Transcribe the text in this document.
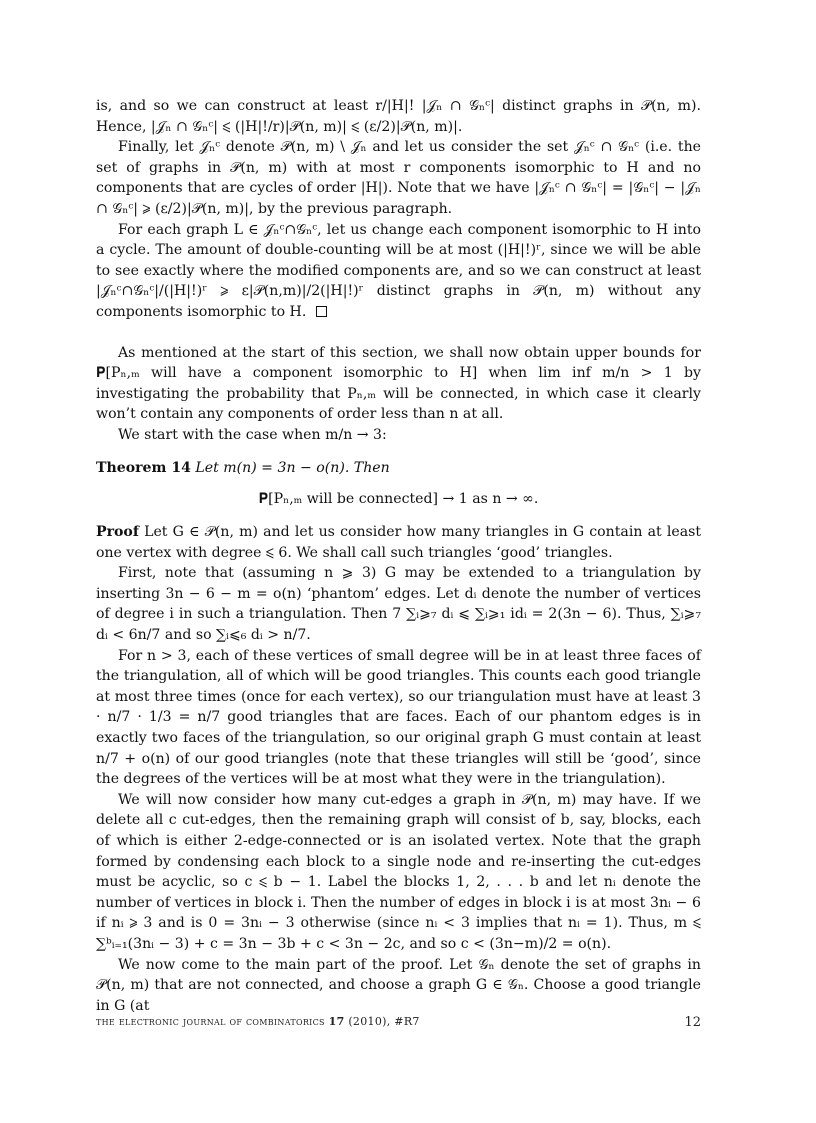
is, and so we can construct at least r/|H|! |𝒥ₙ ∩ 𝒢ₙᶜ| distinct graphs in 𝒫(n, m). Hence, |𝒥ₙ ∩ 𝒢ₙᶜ| ⩽ (|H|!/r)|𝒫(n, m)| ⩽ (ε/2)|𝒫(n, m)|.

Finally, let 𝒥ₙᶜ denote 𝒫(n, m) \ 𝒥ₙ and let us consider the set 𝒥ₙᶜ ∩ 𝒢ₙᶜ (i.e. the set of graphs in 𝒫(n, m) with at most r components isomorphic to H and no components that are cycles of order |H|). Note that we have |𝒥ₙᶜ ∩ 𝒢ₙᶜ| = |𝒢ₙᶜ| − |𝒥ₙ ∩ 𝒢ₙᶜ| ⩾ (ε/2)|𝒫(n, m)|, by the previous paragraph.

For each graph L ∈ 𝒥ₙᶜ∩𝒢ₙᶜ, let us change each component isomorphic to H into a cycle. The amount of double-counting will be at most (|H|!)ʳ, since we will be able to see exactly where the modified components are, and so we can construct at least |𝒥ₙᶜ∩𝒢ₙᶜ|/(|H|!)ʳ ⩾ ε|𝒫(n,m)|/2(|H|!)ʳ distinct graphs in 𝒫(n, m) without any components isomorphic to H.

As mentioned at the start of this section, we shall now obtain upper bounds for 𝐏[Pₙ,ₘ will have a component isomorphic to H] when lim inf m/n > 1 by investigating the probability that Pₙ,ₘ will be connected, in which case it clearly won’t contain any components of order less than n at all.

We start with the case when m/n → 3:

Theorem 14 Let m(n) = 3n − o(n). Then

𝐏[Pₙ,ₘ will be connected] → 1 as n → ∞.

Proof Let G ∈ 𝒫(n, m) and let us consider how many triangles in G contain at least one vertex with degree ⩽ 6. We shall call such triangles ‘good’ triangles.

First, note that (assuming n ⩾ 3) G may be extended to a triangulation by inserting 3n − 6 − m = o(n) ‘phantom’ edges. Let dᵢ denote the number of vertices of degree i in such a triangulation. Then 7 ∑ᵢ⩾₇ dᵢ ⩽ ∑ᵢ⩾₁ idᵢ = 2(3n − 6). Thus, ∑ᵢ⩾₇ dᵢ < 6n/7 and so ∑ᵢ⩽₆ dᵢ > n/7.

For n > 3, each of these vertices of small degree will be in at least three faces of the triangulation, all of which will be good triangles. This counts each good triangle at most three times (once for each vertex), so our triangulation must have at least 3 · n/7 · 1/3 = n/7 good triangles that are faces. Each of our phantom edges is in exactly two faces of the triangulation, so our original graph G must contain at least n/7 + o(n) of our good triangles (note that these triangles will still be ‘good’, since the degrees of the vertices will be at most what they were in the triangulation).

We will now consider how many cut-edges a graph in 𝒫(n, m) may have. If we delete all c cut-edges, then the remaining graph will consist of b, say, blocks, each of which is either 2-edge-connected or is an isolated vertex. Note that the graph formed by condensing each block to a single node and re-inserting the cut-edges must be acyclic, so c ⩽ b − 1. Label the blocks 1, 2, . . . b and let nᵢ denote the number of vertices in block i. Then the number of edges in block i is at most 3nᵢ − 6 if nᵢ ⩾ 3 and is 0 = 3nᵢ − 3 otherwise (since nᵢ < 3 implies that nᵢ = 1). Thus, m ⩽ ∑ᵇᵢ₌₁(3nᵢ − 3) + c = 3n − 3b + c < 3n − 2c, and so c < (3n−m)/2 = o(n).

We now come to the main part of the proof. Let 𝒢ₙ denote the set of graphs in 𝒫(n, m) that are not connected, and choose a graph G ∈ 𝒢ₙ. Choose a good triangle in G (at

the electronic journal of combinatorics 17 (2010), #R7	12
